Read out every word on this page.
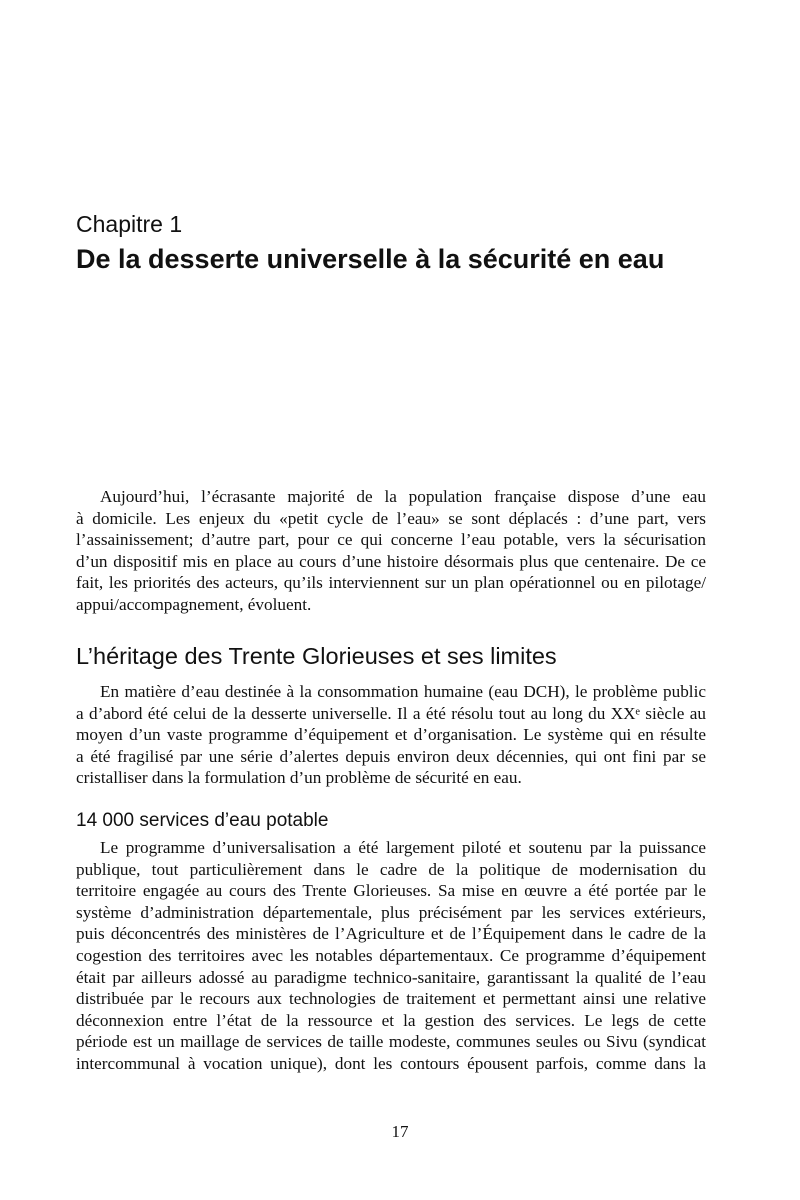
Chapitre 1
De la desserte universelle à la sécurité en eau
Aujourd’hui, l’écrasante majorité de la population française dispose d’une eau
à domicile. Les enjeux du «petit cycle de l’eau» se sont déplacés : d’une part, vers
l’assainissement; d’autre part, pour ce qui concerne l’eau potable, vers la sécurisation
d’un dispositif mis en place au cours d’une histoire désormais plus que centenaire. De ce
fait, les priorités des acteurs, qu’ils interviennent sur un plan opérationnel ou en pilotage/
appui/accompagnement, évoluent.
L’héritage des Trente Glorieuses et ses limites
En matière d’eau destinée à la consommation humaine (eau DCH), le problème public
a d’abord été celui de la desserte universelle. Il a été résolu tout au long du XXᵉ siècle au
moyen d’un vaste programme d’équipement et d’organisation. Le système qui en résulte
a été fragilisé par une série d’alertes depuis environ deux décennies, qui ont fini par se
cristalliser dans la formulation d’un problème de sécurité en eau.
14 000 services d’eau potable
Le programme d’universalisation a été largement piloté et soutenu par la puissance
publique, tout particulièrement dans le cadre de la politique de modernisation du
territoire engagée au cours des Trente Glorieuses. Sa mise en œuvre a été portée par le
système d’administration départementale, plus précisément par les services extérieurs,
puis déconcentrés des ministères de l’Agriculture et de l’Équipement dans le cadre de la
cogestion des territoires avec les notables départementaux. Ce programme d’équipement
était par ailleurs adossé au paradigme technico-sanitaire, garantissant la qualité de l’eau
distribuée par le recours aux technologies de traitement et permettant ainsi une relative
déconnexion entre l’état de la ressource et la gestion des services. Le legs de cette
période est un maillage de services de taille modeste, communes seules ou Sivu (syndicat
intercommunal à vocation unique), dont les contours épousent parfois, comme dans la
17
